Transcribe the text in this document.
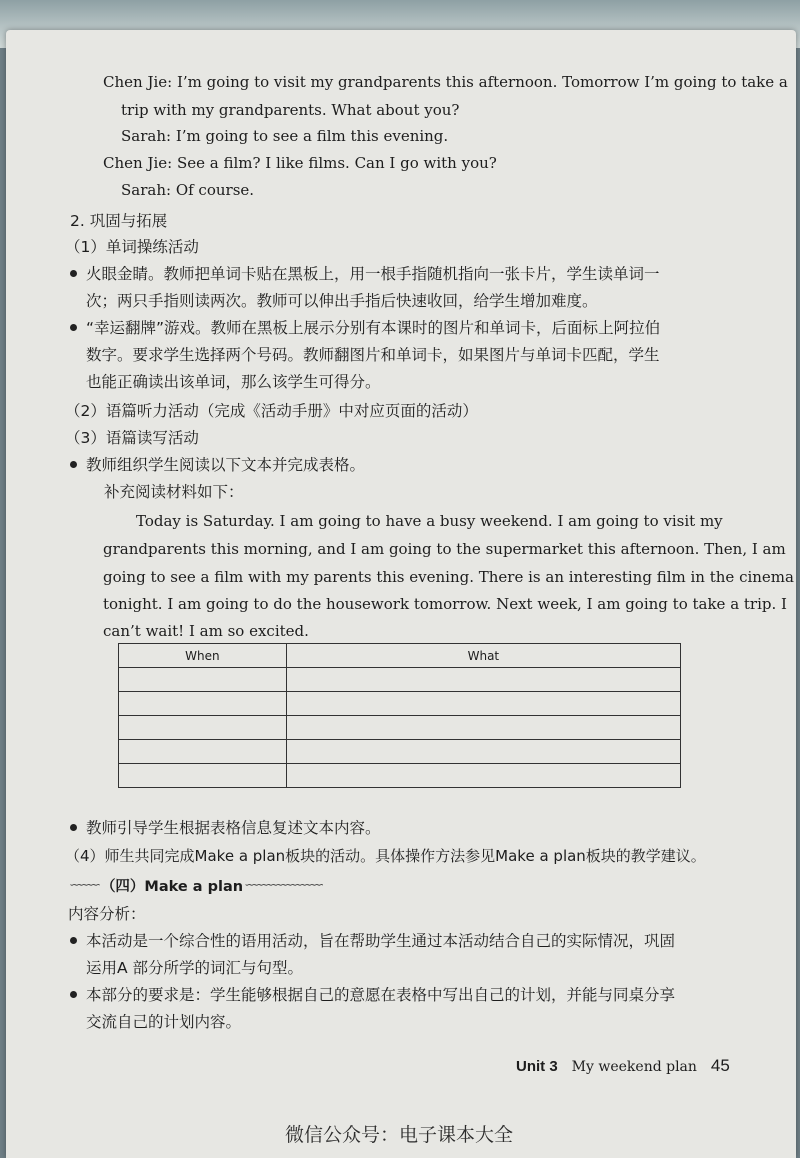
Chen Jie: I’m going to visit my grandparents this afternoon. Tomorrow I’m going to take a
trip with my grandparents. What about you?
Sarah: I’m going to see a film this evening.
Chen Jie: See a film? I like films. Can I go with you?
Sarah: Of course.
2. 巩固与拓展
（1）单词操练活动
火眼金睛。教师把单词卡贴在黑板上，用一根手指随机指向一张卡片，学生读单词一
次；两只手指则读两次。教师可以伸出手指后快速收回，给学生增加难度。
“幸运翻牌”游戏。教师在黑板上展示分别有本课时的图片和单词卡，后面标上阿拉伯
数字。要求学生选择两个号码。教师翻图片和单词卡，如果图片与单词卡匹配，学生
也能正确读出该单词，那么该学生可得分。
（2）语篇听力活动（完成《活动手册》中对应页面的活动）
（3）语篇读写活动
教师组织学生阅读以下文本并完成表格。
补充阅读材料如下：
Today is Saturday. I am going to have a busy weekend. I am going to visit my
grandparents this morning, and I am going to the supermarket this afternoon. Then, I am
going to see a film with my parents this evening. There is an interesting film in the cinema
tonight. I am going to do the housework tomorrow. Next week, I am going to take a trip. I
can’t wait! I am so excited.
When	What

教师引导学生根据表格信息复述文本内容。
（4）师生共同完成Make a plan板块的活动。具体操作方法参见Make a plan板块的教学建议。
∽∽∽∽∽∽ （四）Make a plan ∽∽∽∽∽∽∽∽∽∽∽∽∽∽∽∽
内容分析：
本活动是一个综合性的语用活动，旨在帮助学生通过本活动结合自己的实际情况，巩固
运用A 部分所学的词汇与句型。
本部分的要求是：学生能够根据自己的意愿在表格中写出自己的计划，并能与同桌分享
交流自己的计划内容。
Unit 3 My weekend plan 45
微信公众号：电子课本大全
